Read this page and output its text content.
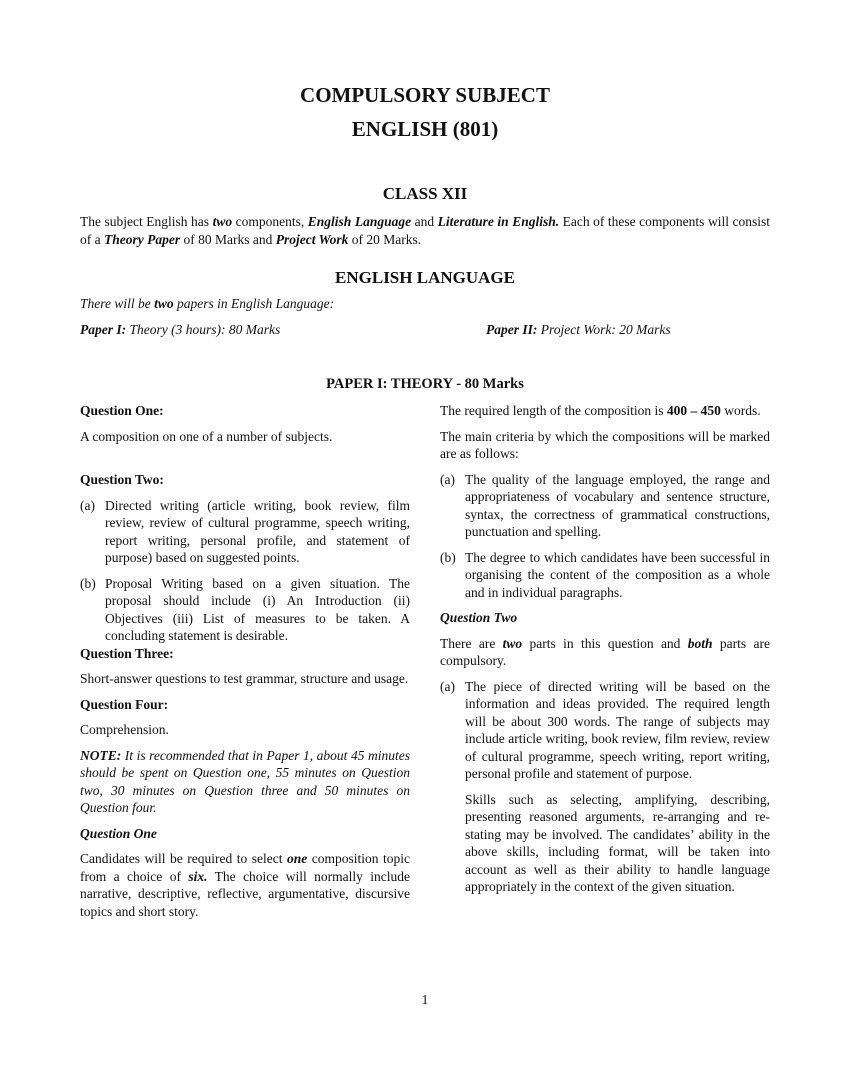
COMPULSORY SUBJECT
ENGLISH (801)
CLASS XII
The subject English has two components, English Language and Literature in English. Each of these components will consist of a Theory Paper of 80 Marks and Project Work of 20 Marks.
ENGLISH LANGUAGE
There will be two papers in English Language:
Paper I: Theory (3 hours): 80 Marks	Paper II: Project Work: 20 Marks
PAPER I: THEORY - 80 Marks
Question One:

A composition on one of a number of subjects.

Question Two:
(a) Directed writing (article writing, book review, film review, review of cultural programme, speech writing, report writing, personal profile, and statement of purpose) based on suggested points.
(b) Proposal Writing based on a given situation. The proposal should include (i) An Introduction (ii) Objectives (iii) List of measures to be taken. A concluding statement is desirable.
Question Three:

Short-answer questions to test grammar, structure and usage.

Question Four:

Comprehension.

NOTE: It is recommended that in Paper 1, about 45 minutes should be spent on Question one, 55 minutes on Question two, 30 minutes on Question three and 50 minutes on Question four.

Question One

Candidates will be required to select one composition topic from a choice of six. The choice will normally include narrative, descriptive, reflective, argumentative, discursive topics and short story.

The required length of the composition is 400 – 450 words.

The main criteria by which the compositions will be marked are as follows:

(a) The quality of the language employed, the range and appropriateness of vocabulary and sentence structure, syntax, the correctness of grammatical constructions, punctuation and spelling.
(b) The degree to which candidates have been successful in organising the content of the composition as a whole and in individual paragraphs.
Question Two

There are two parts in this question and both parts are compulsory.

(a) The piece of directed writing will be based on the information and ideas provided. The required length will be about 300 words. The range of subjects may include article writing, book review, film review, review of cultural programme, speech writing, report writing, personal profile and statement of purpose.

Skills such as selecting, amplifying, describing, presenting reasoned arguments, re-arranging and re-stating may be involved. The candidates’ ability in the above skills, including format, will be taken into account as well as their ability to handle language appropriately in the context of the given situation.

1
